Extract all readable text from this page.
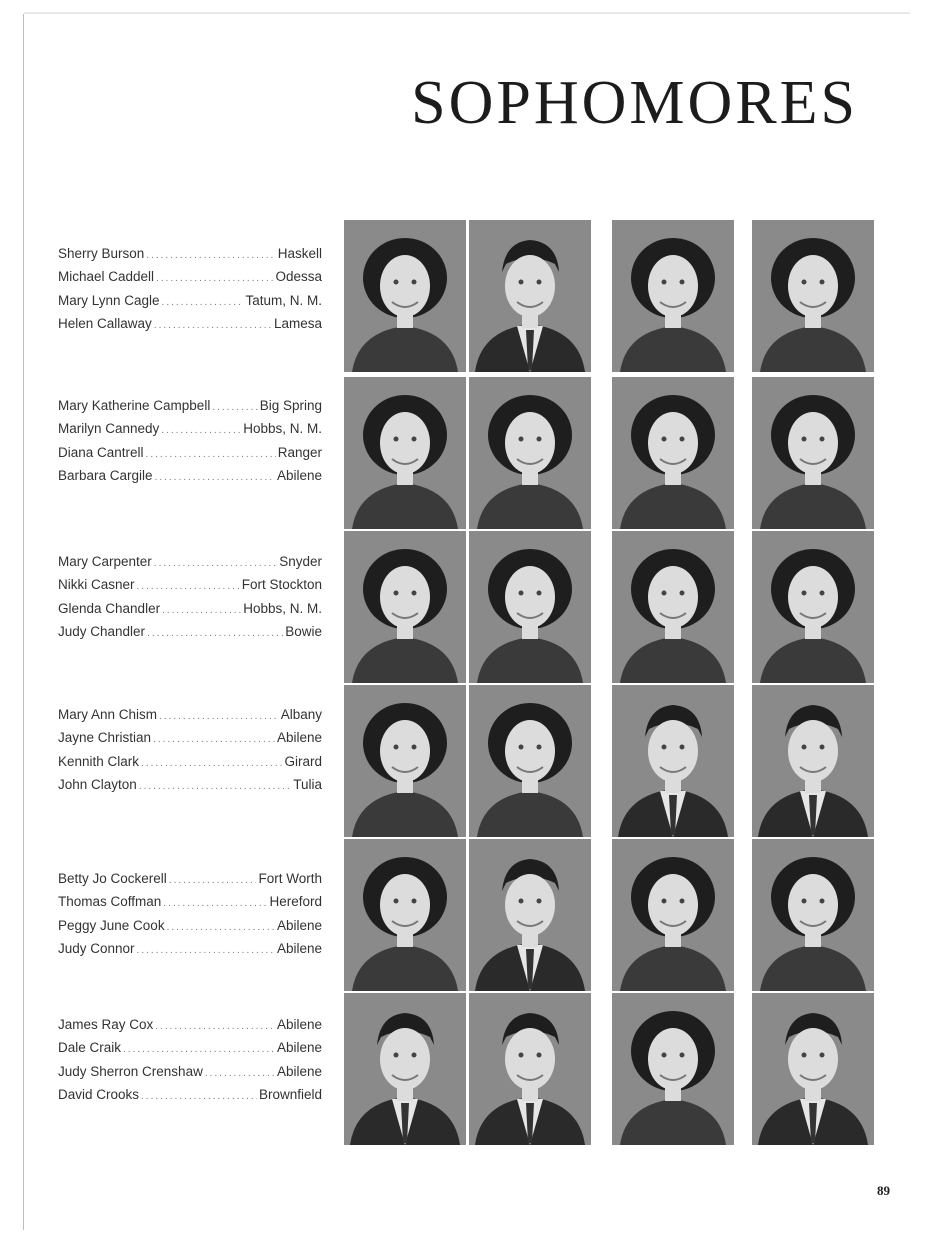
SOPHOMORES
Sherry Burson .....	Haskell
Michael Caddell .....	Odessa
Mary Lynn Cagle .....	Tatum, N. M.
Helen Callaway .....	Lamesa
Mary Katherine Campbell .....	Big Spring
Marilyn Cannedy .....	Hobbs, N. M.
Diana Cantrell .....	Ranger
Barbara Cargile .....	Abilene
Mary Carpenter .....	Snyder
Nikki Casner .....	Fort Stockton
Glenda Chandler .....	Hobbs, N. M.
Judy Chandler .....	Bowie
Mary Ann Chism .....	Albany
Jayne Christian .....	Abilene
Kennith Clark .....	Girard
John Clayton .....	Tulia
Betty Jo Cockerell .....	Fort Worth
Thomas Coffman .....	Hereford
Peggy June Cook .....	Abilene
Judy Connor .....	Abilene
James Ray Cox .....	Abilene
Dale Craik .....	Abilene
Judy Sherron Crenshaw .....	Abilene
David Crooks .....	Brownfield
89
